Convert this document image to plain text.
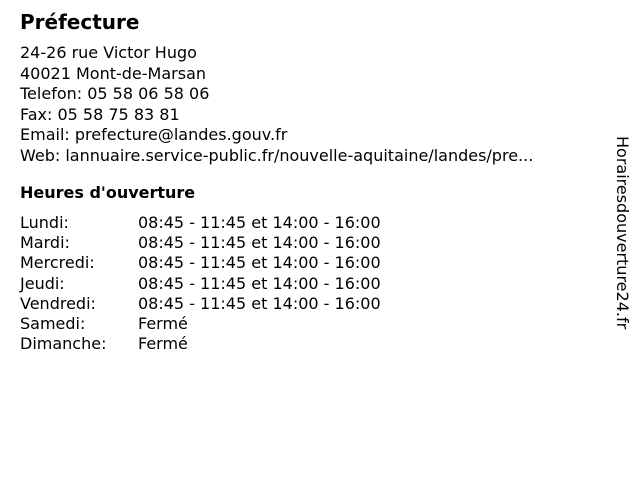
Préfecture
24-26 rue Victor Hugo
40021 Mont-de-Marsan
Telefon: 05 58 06 58 06
Fax: 05 58 75 83 81
Email: prefecture@landes.gouv.fr
Web: lannuaire.service-public.fr/nouvelle-aquitaine/landes/pre...
Heures d'ouverture
Lundi:	08:45 - 11:45 et 14:00 - 16:00
Mardi:	08:45 - 11:45 et 14:00 - 16:00
Mercredi:	08:45 - 11:45 et 14:00 - 16:00
Jeudi:	08:45 - 11:45 et 14:00 - 16:00
Vendredi:	08:45 - 11:45 et 14:00 - 16:00
Samedi:	Fermé
Dimanche:	Fermé
Horairesdouverture24.fr
